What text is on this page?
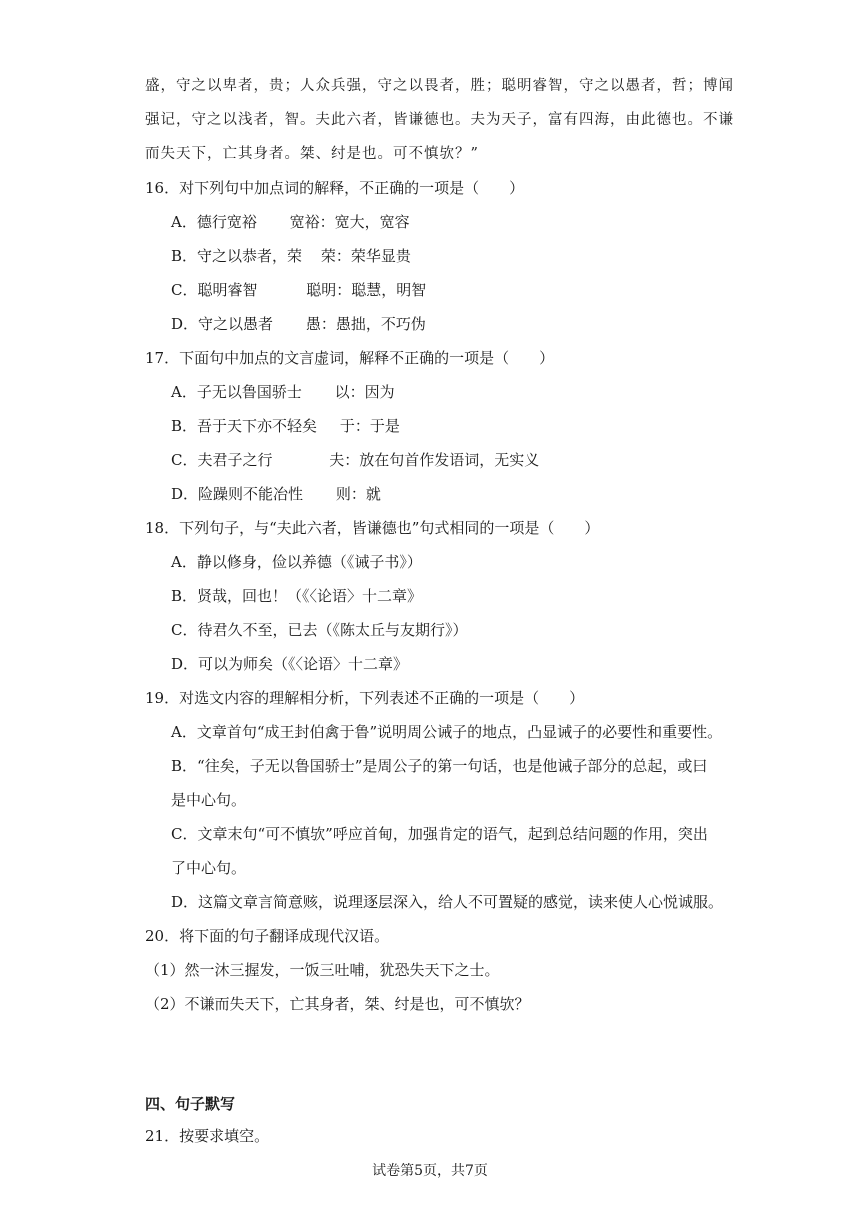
盛，守之以卑者，贵；人众兵强，守之以畏者，胜；聪明睿智，守之以愚者，哲；博闻
强记，守之以浅者，智。夫此六者，皆谦德也。夫为天子，富有四海，由此德也。不谦
而失天下，亡其身者。桀、纣是也。可不慎欤？”
16．对下列句中加点词的解释，不正确的一项是（　　）
A．德行宽裕 宽裕：宽大，宽容
B．守之以恭者，荣 荣：荣华显贵
C．聪明睿智	聪明：聪慧，明智
D．守之以愚者 愚：愚拙，不巧伪
17．下面句中加点的文言虚词，解释不正确的一项是（　　）
A．子无以鲁国骄士 以：因为
B．吾于天下亦不轻矣 于：于是
C．夫君子之行	夫：放在句首作发语词，无实义
D．险躁则不能冶性 则：就
18．下列句子，与“夫此六者，皆谦德也”句式相同的一项是（　　）
A．静以修身，俭以养德（《诫子书》）
B．贤哉，回也！（《〈论语〉十二章》
C．待君久不至，已去（《陈太丘与友期行》）
D．可以为师矣（《〈论语〉十二章》
19．对选文内容的理解相分析，下列表述不正确的一项是（　　）
A．文章首句“成王封伯禽于鲁”说明周公诫子的地点，凸显诫子的必要性和重要性。
B．“往矣，子无以鲁国骄士”是周公子的第一句话，也是他诫子部分的总起，或曰
是中心句。
C．文章末句“可不慎欤”呼应首甸，加强肯定的语气，起到总结问题的作用，突出
了中心句。
D．这篇文章言简意赅，说理逐层深入，给人不可置疑的感觉，读来使人心悦诚服。
20．将下面的句子翻译成现代汉语。
（1）然一沐三握发，一饭三吐哺，犹恐失天下之士。
（2）不谦而失天下，亡其身者，桀、纣是也，可不慎欤？
四、句子默写
21．按要求填空。
试卷第5页，共7页
